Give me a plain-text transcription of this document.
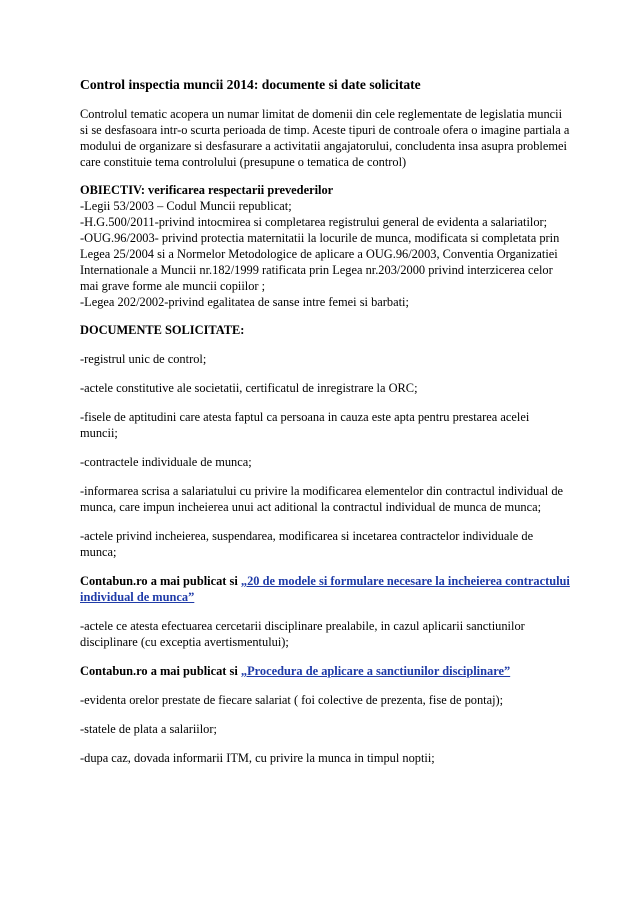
Control inspectia muncii 2014: documente si date solicitate

Controlul tematic acopera un numar limitat de domenii din cele reglementate de legislatia muncii si se desfasoara intr-o scurta perioada de timp. Aceste tipuri de controale ofera o imagine partiala a modului de organizare si desfasurare a activitatii angajatorului, concludenta insa asupra problemei care constituie tema controlului (presupune o tematica de control)

OBIECTIV: verificarea respectarii prevederilor
-Legii 53/2003 – Codul Muncii republicat;
-H.G.500/2011-privind intocmirea si completarea registrului general de evidenta a salariatilor;
-OUG.96/2003- privind protectia maternitatii la locurile de munca, modificata si completata prin Legea 25/2004 si a Normelor Metodologice de aplicare a OUG.96/2003, Conventia Organizatiei Internationale a Muncii nr.182/1999 ratificata prin Legea nr.203/2000 privind interzicerea celor mai grave forme ale muncii copiilor ;
-Legea 202/2002-privind egalitatea de sanse intre femei si barbati;
DOCUMENTE SOLICITATE:

-registrul unic de control;

-actele constitutive ale societatii, certificatul de inregistrare la ORC;

-fisele de aptitudini care atesta faptul ca persoana in cauza este apta pentru prestarea acelei muncii;

-contractele individuale de munca;

-informarea scrisa a salariatului cu privire la modificarea elementelor din contractul individual de munca, care impun incheierea unui act aditional la contractul individual de munca de munca;

-actele privind incheierea, suspendarea, modificarea si incetarea contractelor individuale de munca;

Contabun.ro a mai publicat si „20 de modele si formulare necesare la incheierea contractului individual de munca”

-actele ce atesta efectuarea cercetarii disciplinare prealabile, in cazul aplicarii sanctiunilor disciplinare (cu exceptia avertismentului);

Contabun.ro a mai publicat si „Procedura de aplicare a sanctiunilor disciplinare”

-evidenta orelor prestate de fiecare salariat ( foi colective de prezenta, fise de pontaj);

-statele de plata a salariilor;

-dupa caz, dovada informarii ITM, cu privire la munca in timpul noptii;
